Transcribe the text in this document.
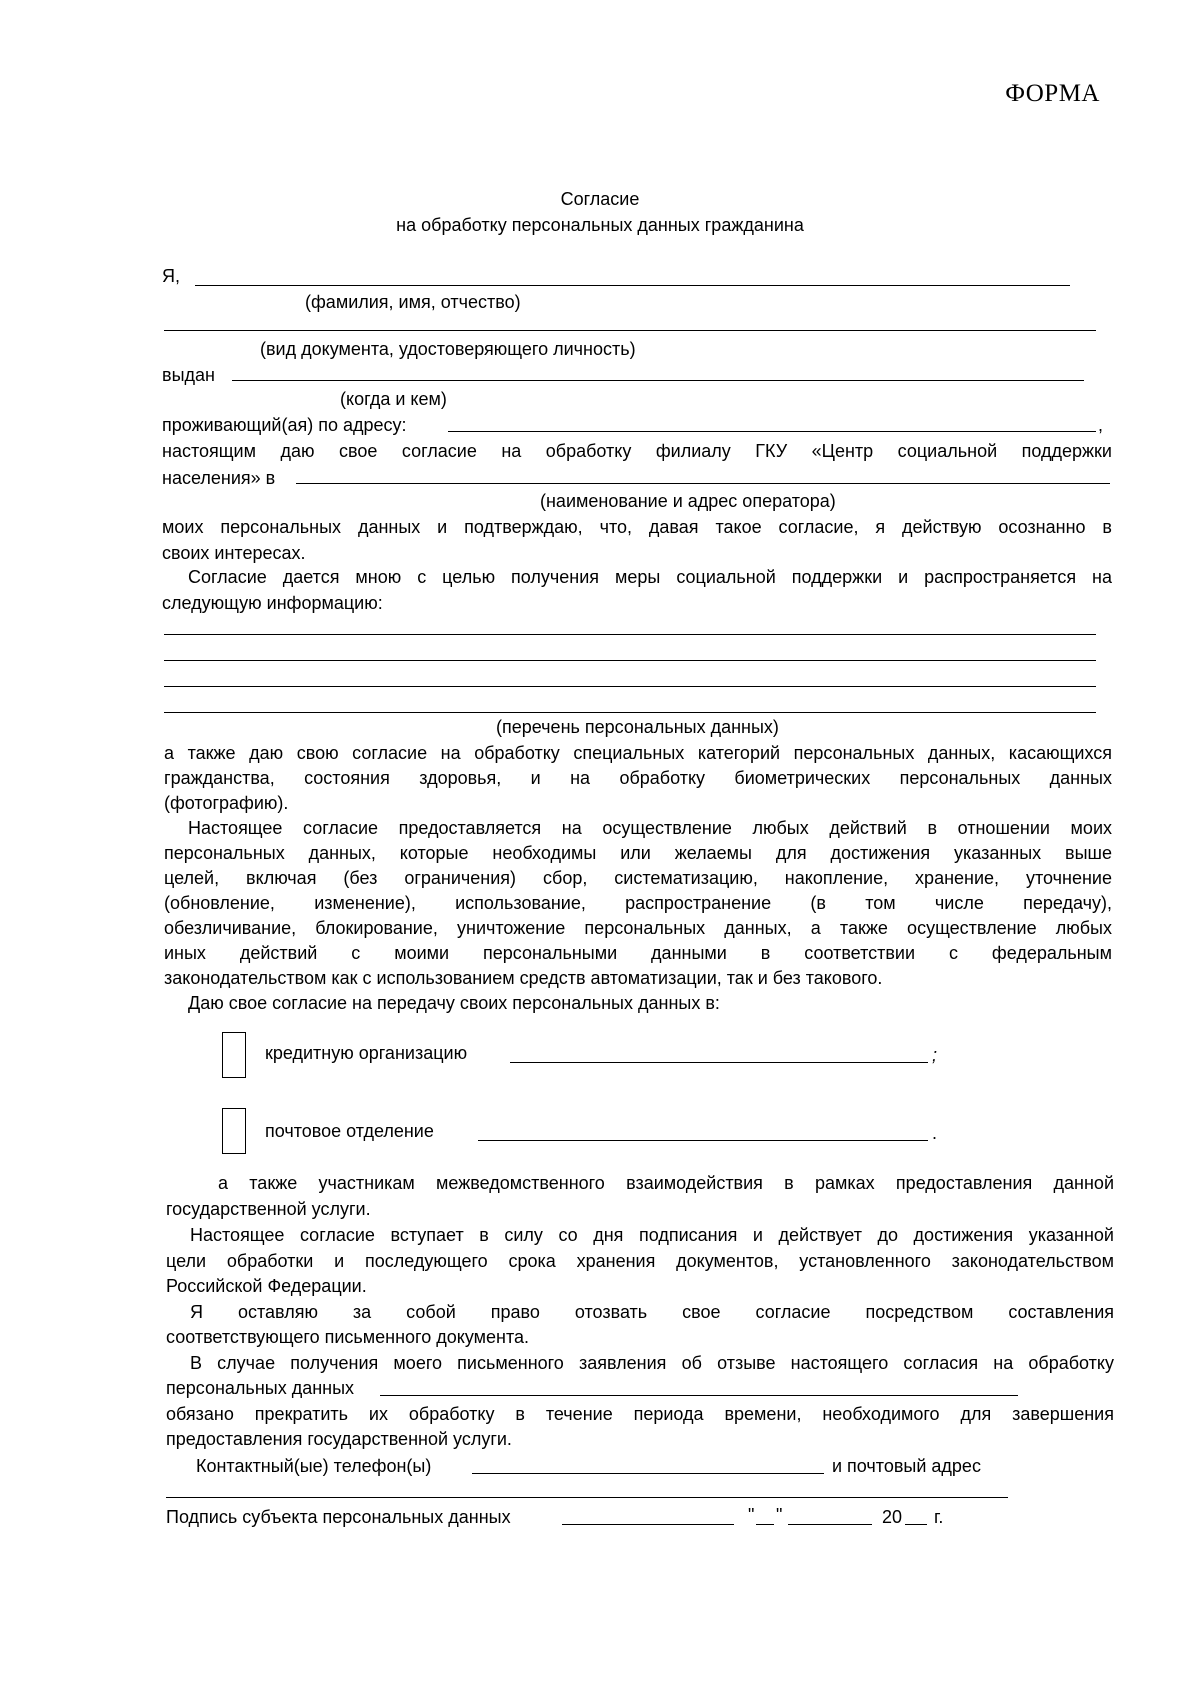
ФОРМА
Согласие
на обработку персональных данных гражданина
Я,
(фамилия, имя, отчество)
(вид документа, удостоверяющего личность)
выдан
(когда и кем)
проживающий(ая) по адресу:	,
настоящим даю свое согласие на обработку филиалу ГКУ «Центр социальной поддержки
населения» в
(наименование и адрес оператора)
моих персональных данных и подтверждаю, что, давая такое согласие, я действую осознанно в
своих интересах.
Согласие дается мною с целью получения меры социальной поддержки и распространяется на
следующую информацию:
(перечень персональных данных)
а также даю свою согласие на обработку специальных категорий персональных данных, касающихся
гражданства, состояния здоровья, и на обработку биометрических персональных данных
(фотографию).
Настоящее согласие предоставляется на осуществление любых действий в отношении моих
персональных данных, которые необходимы или желаемы для достижения указанных выше
целей, включая (без ограничения) сбор, систематизацию, накопление, хранение, уточнение
(обновление, изменение), использование, распространение (в том числе передачу),
обезличивание, блокирование, уничтожение персональных данных, а также осуществление любых
иных действий с моими персональными данными в соответствии с федеральным
законодательством как с использованием средств автоматизации, так и без такового.
Даю свое согласие на передачу своих персональных данных в:
кредитную организацию	;
почтовое отделение	.
а также участникам межведомственного взаимодействия в рамках предоставления данной
государственной услуги.
Настоящее согласие вступает в силу со дня подписания и действует до достижения указанной
цели обработки и последующего срока хранения документов, установленного законодательством
Российской Федерации.
Я оставляю за собой право отозвать свое согласие посредством составления
соответствующего письменного документа.
В случае получения моего письменного заявления об отзыве настоящего согласия на обработку
персональных данных
обязано прекратить их обработку в течение периода времени, необходимого для завершения
предоставления государственной услуги.
Контактный(ые) телефон(ы)	и почтовый адрес
Подпись субъекта персональных данных	" "	20 г.
